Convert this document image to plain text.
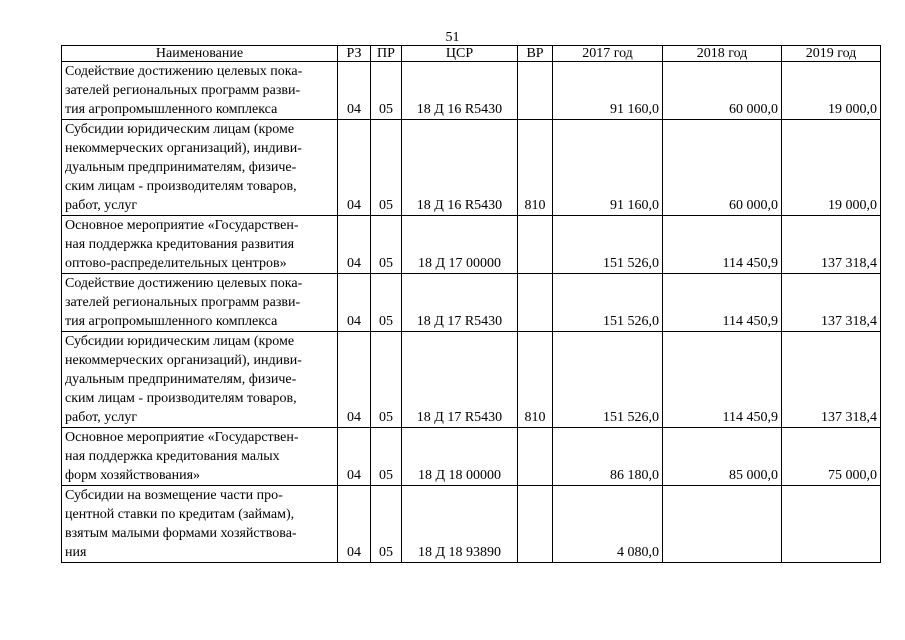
51
Наименование	РЗ	ПР	ЦСР	ВР	2017 год	2018 год	2019 год

Содействие достижению целевых пока-
зателей региональных программ разви-
тия агропромышленного комплекса	04	05	18 Д 16 R5430		91 160,0	60 000,0	19 000,0

Субсидии юридическим лицам (кроме
некоммерческих организаций), индиви-
дуальным предпринимателям, физиче-
ским лицам - производителям товаров,
работ, услуг	04	05	18 Д 16 R5430	810	91 160,0	60 000,0	19 000,0

Основное мероприятие «Государствен-
ная поддержка кредитования развития
оптово-распределительных центров»	04	05	18 Д 17 00000		151 526,0	114 450,9	137 318,4

Содействие достижению целевых пока-
зателей региональных программ разви-
тия агропромышленного комплекса	04	05	18 Д 17 R5430		151 526,0	114 450,9	137 318,4

Субсидии юридическим лицам (кроме
некоммерческих организаций), индиви-
дуальным предпринимателям, физиче-
ским лицам - производителям товаров,
работ, услуг	04	05	18 Д 17 R5430	810	151 526,0	114 450,9	137 318,4

Основное мероприятие «Государствен-
ная поддержка кредитования малых
форм хозяйствования»	04	05	18 Д 18 00000		86 180,0	85 000,0	75 000,0

Субсидии на возмещение части про-
центной ставки по кредитам (займам),
взятым малыми формами хозяйствова-
ния	04	05	18 Д 18 93890		4 080,0		
